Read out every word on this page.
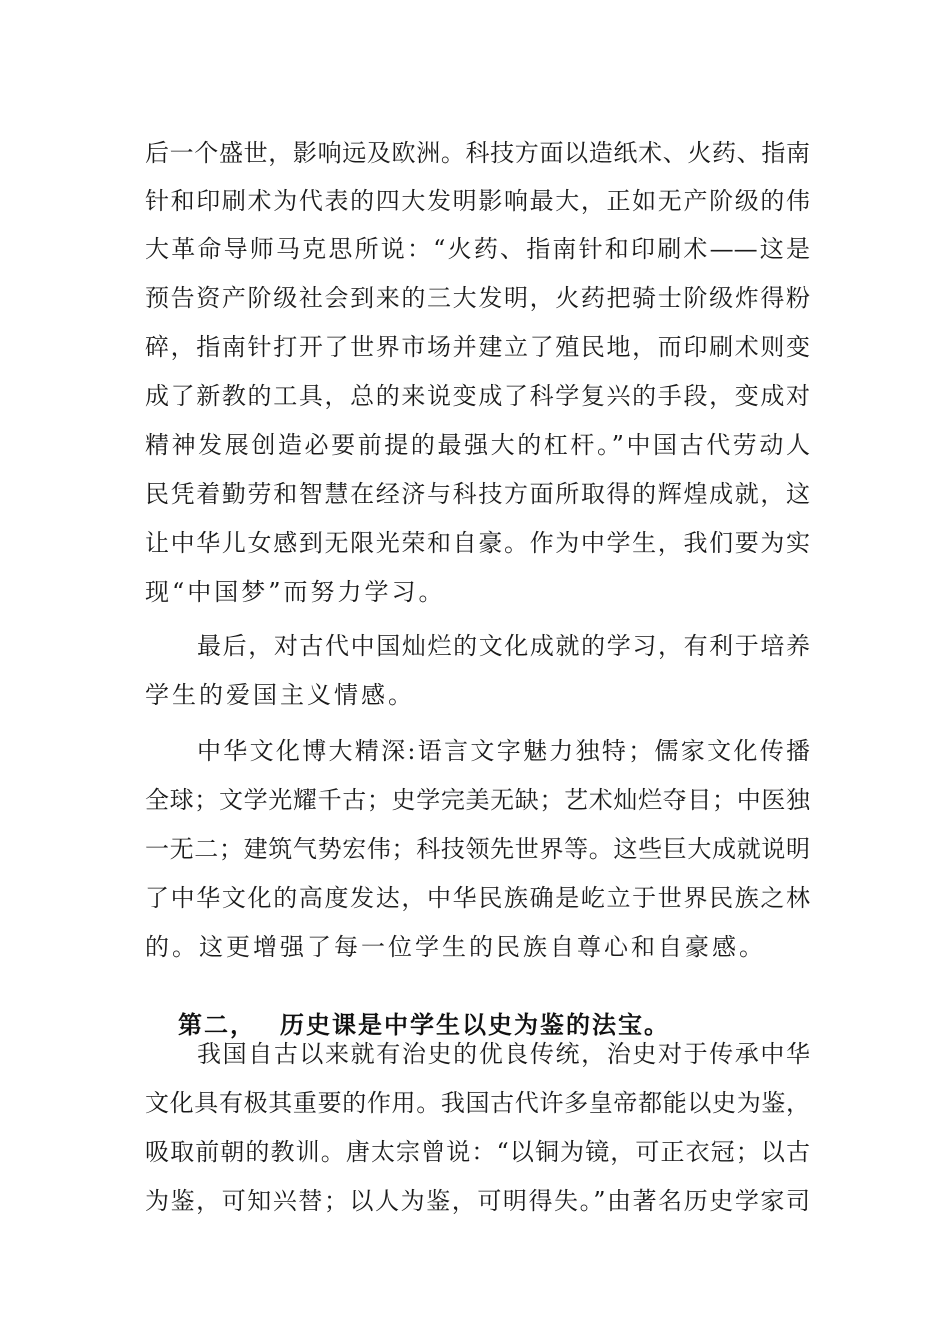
后一个盛世，影响远及欧洲。科技方面以造纸术、火药、指南
针和印刷术为代表的四大发明影响最大，正如无产阶级的伟
大革命导师马克思所说：“火药、指南针和印刷术——这是
预告资产阶级社会到来的三大发明，火药把骑士阶级炸得粉
碎，指南针打开了世界市场并建立了殖民地，而印刷术则变
成了新教的工具，总的来说变成了科学复兴的手段，变成对
精神发展创造必要前提的最强大的杠杆。”中国古代劳动人
民凭着勤劳和智慧在经济与科技方面所取得的辉煌成就，这
让中华儿女感到无限光荣和自豪。作为中学生，我们要为实
现“中国梦”而努力学习。
最后，对古代中国灿烂的文化成就的学习，有利于培养
学生的爱国主义情感。
中华文化博大精深:语言文字魅力独特；儒家文化传播
全球；文学光耀千古；史学完美无缺；艺术灿烂夺目；中医独
一无二；建筑气势宏伟；科技领先世界等。这些巨大成就说明
了中华文化的高度发达，中华民族确是屹立于世界民族之林
的。这更增强了每一位学生的民族自尊心和自豪感。
第二， 历史课是中学生以史为鉴的法宝。
我国自古以来就有治史的优良传统，治史对于传承中华
文化具有极其重要的作用。我国古代许多皇帝都能以史为鉴，
吸取前朝的教训。唐太宗曾说：“以铜为镜，可正衣冠；以古
为鉴，可知兴替；以人为鉴，可明得失。”由著名历史学家司
